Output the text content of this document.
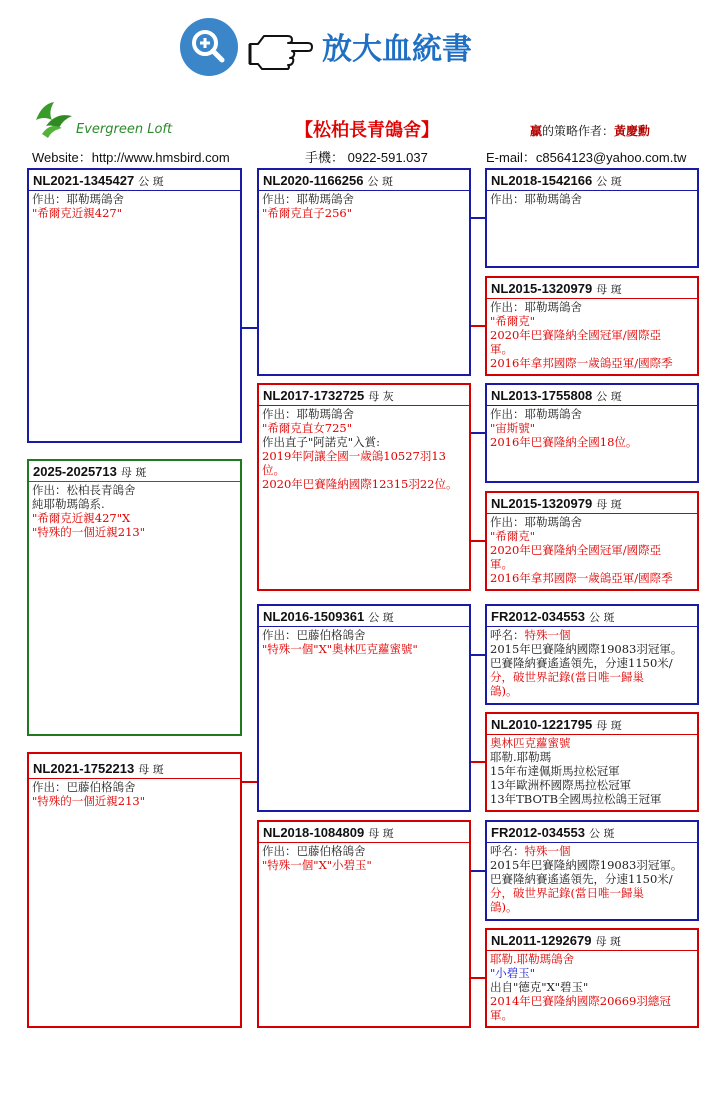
放大血統書
Evergreen Loft
Website：http://www.hmsbird.com
【松柏長青鴿舍】
手機： 0922-591.037
贏的策略作者：黃慶勳
E-mail：c8564123@yahoo.com.tw
NL2021-1345427 公 斑
作出：耶勒瑪鴿舍
"希爾克近親427"
2025-2025713 母 斑
作出：松柏長青鴿舍
純耶勒瑪鴿系.
"希爾克近親427"X
"特殊的一個近親213"
NL2021-1752213 母 斑
作出：巴藤伯格鴿舍
"特殊的一個近親213"
NL2020-1166256 公 斑
作出：耶勒瑪鴿舍
"希爾克直子256"
NL2017-1732725 母 灰
作出：耶勒瑪鴿舍
"希爾克直女725"
作出直子"阿諾克"入賞:
2019年阿讓全國一歲鴿10527羽13
位。
2020年巴賽隆納國際12315羽22位。
NL2016-1509361 公 斑
作出：巴藤伯格鴿舍
"特殊一個"X"奧林匹克蘿蜜號"
NL2018-1084809 母 斑
作出：巴藤伯格鴿舍
"特殊一個"X"小碧玉"
NL2018-1542166 公 斑
作出：耶勒瑪鴿舍
NL2015-1320979 母 斑
作出：耶勒瑪鴿舍
"希爾克"
2020年巴賽隆納全國冠軍/國際亞
軍。
2016年拿邦國際一歲鴿亞軍/國際季
NL2013-1755808 公 斑
作出：耶勒瑪鴿舍
"宙斯號"
2016年巴賽隆納全國18位。
NL2015-1320979 母 斑
作出：耶勒瑪鴿舍
"希爾克"
2020年巴賽隆納全國冠軍/國際亞
軍。
2016年拿邦國際一歲鴿亞軍/國際季
FR2012-034553 公 斑
呼名：特殊一個
2015年巴賽隆納國際19083羽冠軍。
巴賽隆納賽遙遙領先，分速1150米/
分，破世界記錄(當日唯一歸巢
鴿)。
NL2010-1221795 母 斑
奧林匹克蘿蜜號
耶勒.耶勒瑪
15年布達佩斯馬拉松冠軍
13年歐洲杯國際馬拉松冠軍
13年TBOTB全國馬拉松鴿王冠軍
FR2012-034553 公 斑
呼名：特殊一個
2015年巴賽隆納國際19083羽冠軍。
巴賽隆納賽遙遙領先，分速1150米/
分，破世界記錄(當日唯一歸巢
鴿)。
NL2011-1292679 母 斑
耶勒.耶勒瑪鴿舍
"小碧玉"
出自"德克"X"碧玉"
2014年巴賽隆納國際20669羽總冠
軍。
